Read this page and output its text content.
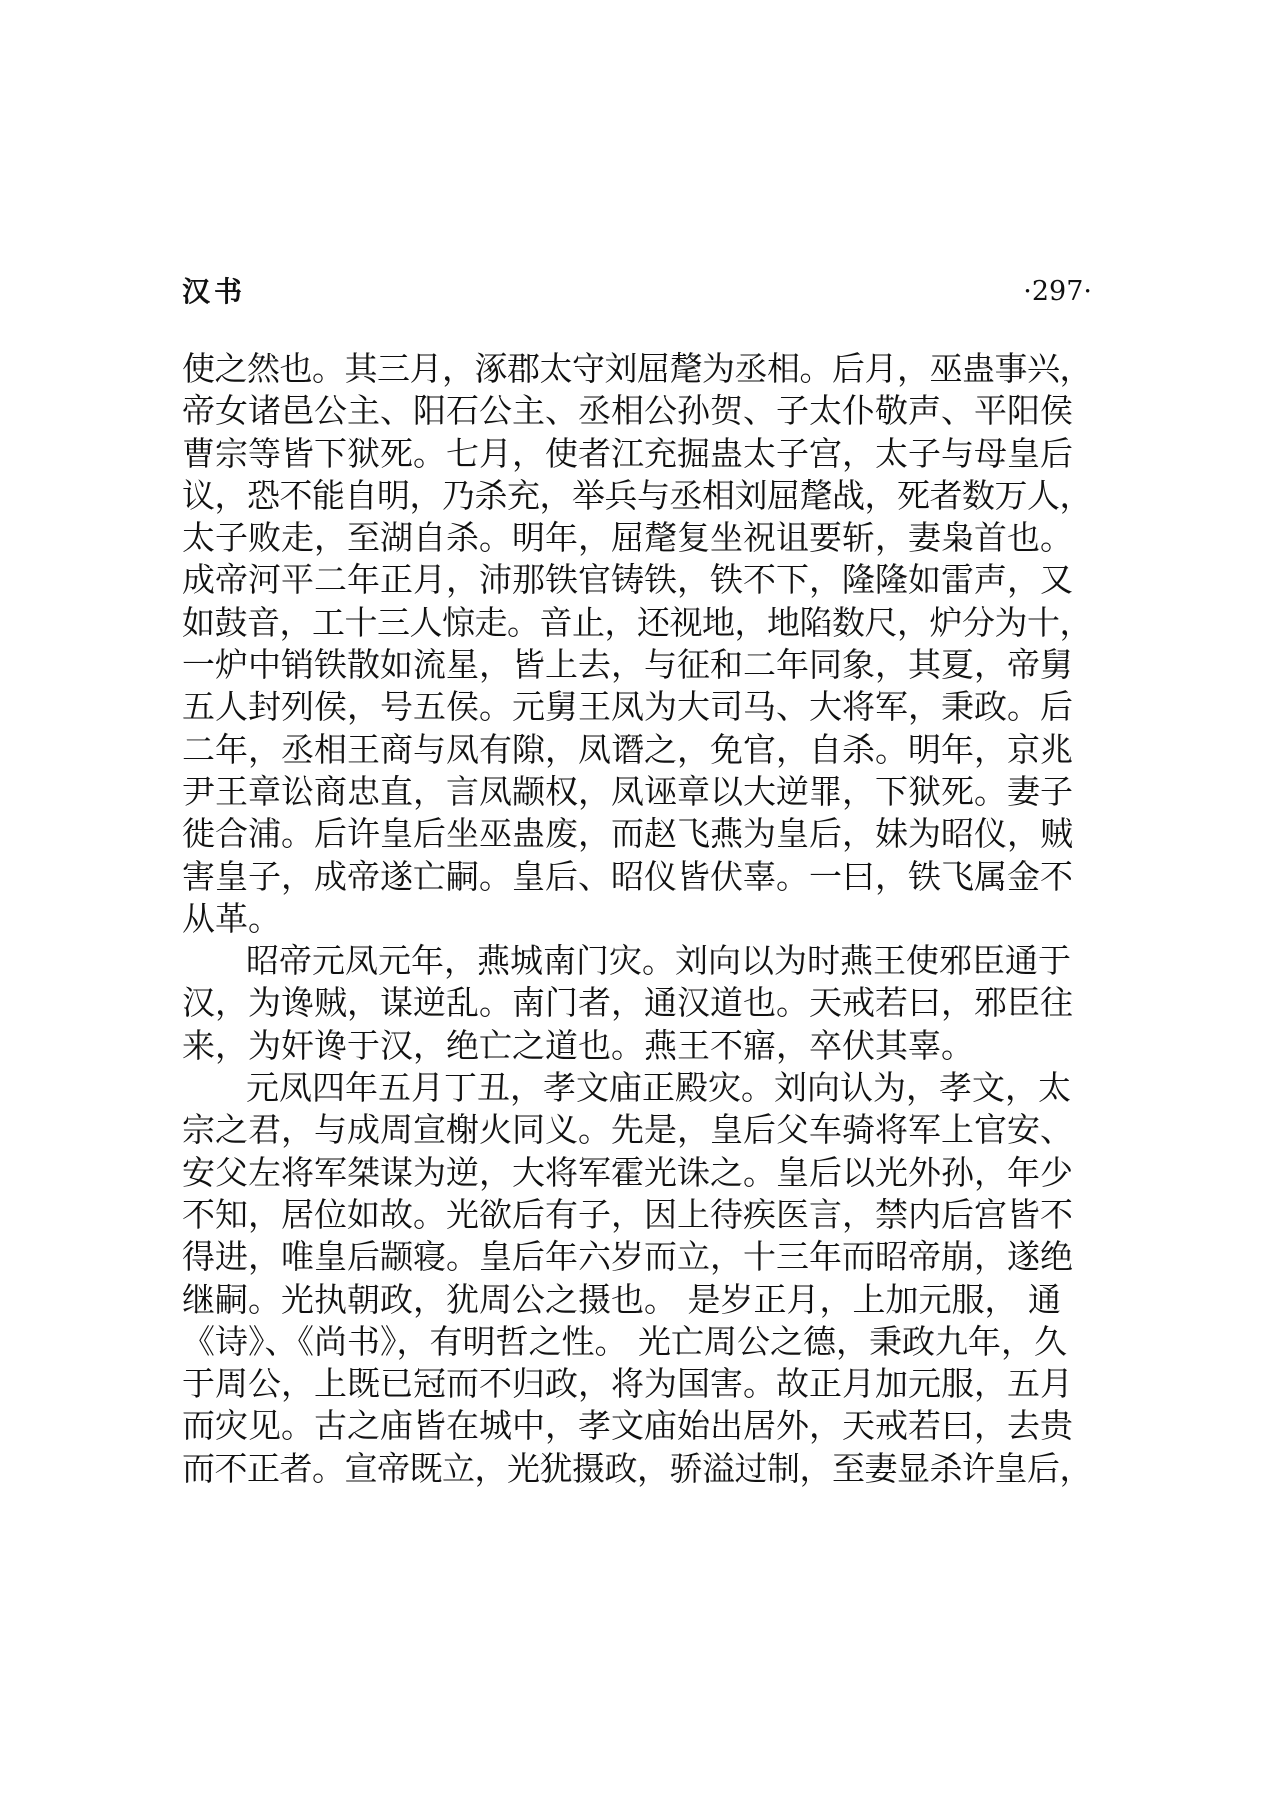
汉书	·297·
使之然也。其三月，涿郡太守刘屈氂为丞相。后月，巫蛊事兴，
帝女诸邑公主、阳石公主、丞相公孙贺、子太仆敬声、平阳侯
曹宗等皆下狱死。七月，使者江充掘蛊太子宫，太子与母皇后
议，恐不能自明，乃杀充，举兵与丞相刘屈氂战，死者数万人，
太子败走，至湖自杀。明年，屈氂复坐祝诅要斩，妻枭首也。
成帝河平二年正月，沛那铁官铸铁，铁不下，隆隆如雷声，又
如鼓音，工十三人惊走。音止，还视地，地陷数尺，炉分为十，
一炉中销铁散如流星，皆上去，与征和二年同象，其夏，帝舅
五人封列侯，号五侯。元舅王凤为大司马、大将军，秉政。后
二年，丞相王商与凤有隙，凤谮之，免官，自杀。明年，京兆
尹王章讼商忠直，言凤颛权，凤诬章以大逆罪，下狱死。妻子
徙合浦。后许皇后坐巫蛊废，而赵飞燕为皇后，妹为昭仪，贼
害皇子，成帝遂亡嗣。皇后、昭仪皆伏辜。一曰，铁飞属金不
从革。
昭帝元凤元年，燕城南门灾。刘向以为时燕王使邪臣通于
汉，为谗贼，谋逆乱。南门者，通汉道也。天戒若曰，邪臣往
来，为奸谗于汉，绝亡之道也。燕王不寤，卒伏其辜。
元凤四年五月丁丑，孝文庙正殿灾。刘向认为，孝文，太
宗之君，与成周宣榭火同义。先是，皇后父车骑将军上官安、
安父左将军桀谋为逆，大将军霍光诛之。皇后以光外孙，年少
不知，居位如故。光欲后有子，因上待疾医言，禁内后宫皆不
得进，唯皇后颛寝。皇后年六岁而立，十三年而昭帝崩，遂绝
继嗣。光执朝政，犹周公之摄也。 是岁正月，上加元服， 通
《诗》、《尚书》，有明哲之性。 光亡周公之德，秉政九年，久
于周公，上既已冠而不归政，将为国害。故正月加元服，五月
而灾见。古之庙皆在城中，孝文庙始出居外，天戒若曰，去贵
而不正者。宣帝既立，光犹摄政，骄溢过制，至妻显杀许皇后，
